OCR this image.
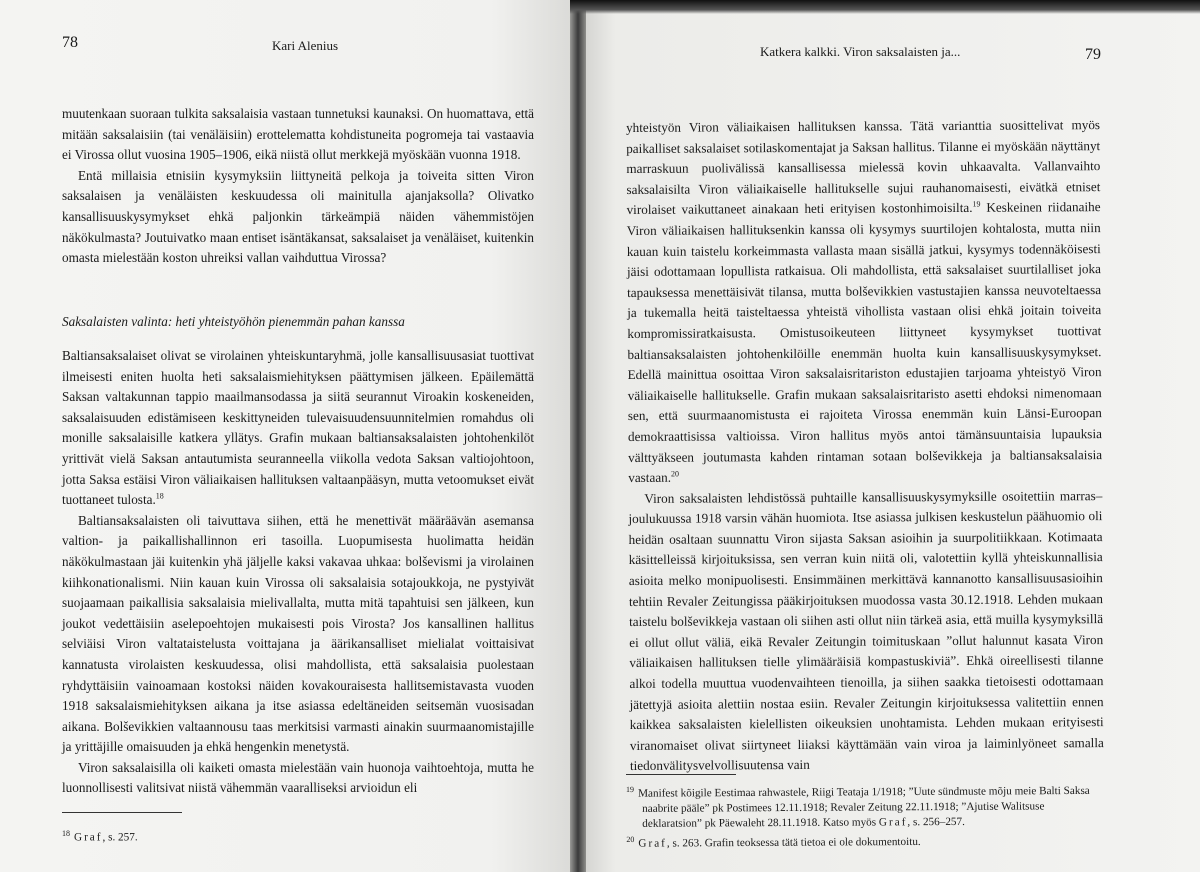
78	Kari Alenius

muutenkaan suoraan tulkita saksalaisia vastaan tunnetuksi kaunaksi. On huomattava, että mitään saksalaisiin (tai venäläisiin) erottelematta kohdistuneita pogromeja tai vastaavia ei Virossa ollut vuosina 1905–1906, eikä niistä ollut merkkejä myöskään vuonna 1918.

Entä millaisia etnisiin kysymyksiin liittyneitä pelkoja ja toiveita sitten Viron saksalaisen ja venäläisten keskuudessa oli mainitulla ajanjaksolla? Olivatko kansallisuuskysymykset ehkä paljonkin tärkeämpiä näiden vähemmistöjen näkökulmasta? Joutuivatko maan entiset isäntäkansat, saksalaiset ja venäläiset, kuitenkin omasta mielestään koston uhreiksi vallan vaihduttua Virossa?

Saksalaisten valinta: heti yhteistyöhön pienemmän pahan kanssa

Baltiansaksalaiset olivat se virolainen yhteiskuntaryhmä, jolle kansallisuusasiat tuottivat ilmeisesti eniten huolta heti saksalaismiehityksen päättymisen jälkeen. Epäilemättä Saksan valtakunnan tappio maailmansodassa ja siitä seurannut Viroakin koskeneiden, saksalaisuuden edistämiseen keskittyneiden tulevaisuudensuunnitelmien romahdus oli monille saksalaisille katkera yllätys. Grafin mukaan baltiansaksalaisten johtohenkilöt yrittivät vielä Saksan antautumista seuranneella viikolla vedota Saksan valtiojohtoon, jotta Saksa estäisi Viron väliaikaisen hallituksen valtaanpääsyn, mutta vetoomukset eivät tuottaneet tulosta.$^{18}$

Baltiansaksalaisten oli taivuttava siihen, että he menettivät määräävän asemansa valtion- ja paikallishallinnon eri tasoilla. Luopumisesta huolimatta heidän näkökulmastaan jäi kuitenkin yhä jäljelle kaksi vakavaa uhkaa: bolševismi ja virolainen kiihkonationalismi. Niin kauan kuin Virossa oli saksalaisia sotajoukkoja, ne pystyivät suojaamaan paikallisia saksalaisia mielivallalta, mutta mitä tapahtuisi sen jälkeen, kun joukot vedettäisiin aselepoehtojen mukaisesti pois Virosta? Jos kansallinen hallitus selviäisi Viron valtataistelusta voittajana ja äärikansalliset mielialat voittaisivat kannatusta virolaisten keskuudessa, olisi mahdollista, että saksalaisia puolestaan ryhdyttäisiin vainoamaan kostoksi näiden kovakouraisesta hallitsemistavasta vuoden 1918 saksalaismiehityksen aikana ja itse asiassa edeltäneiden seitsemän vuosisadan aikana. Bolševikkien valtaannousu taas merkitsisi varmasti ainakin suurmaanomistajille ja yrittäjille omaisuuden ja ehkä hengenkin menetystä.

Viron saksalaisilla oli kaiketi omasta mielestään vain huonoja vaihtoehtoja, mutta he luonnollisesti valitsivat niistä vähemmän vaaralliseksi arvioidun eli

$^{18}$ Graf, s. 257.
Katkera kalkki. Viron saksalaisten ja...	79

yhteistyön Viron väliaikaisen hallituksen kanssa. Tätä varianttia suosittelivat myös paikalliset saksalaiset sotilaskomentajat ja Saksan hallitus. Tilanne ei myöskään näyttänyt marraskuun puolivälissä kansallisessa mielessä kovin uhkaavalta. Vallanvaihto saksalaisilta Viron väliaikaiselle hallitukselle sujui rauhanomaisesti, eivätkä etniset virolaiset vaikuttaneet ainakaan heti erityisen kostonhimoisilta.$^{19}$ Keskeinen riidanaihe Viron väliaikaisen hallituksenkin kanssa oli kysymys suurtilojen kohtalosta, mutta niin kauan kuin taistelu korkeimmasta vallasta maan sisällä jatkui, kysymys todennäköisesti jäisi odottamaan lopullista ratkaisua. Oli mahdollista, että saksalaiset suurtilalliset joka tapauksessa menettäisivät tilansa, mutta bolševikkien vastustajien kanssa neuvoteltaessa ja tukemalla heitä taisteltaessa yhteistä vihollista vastaan olisi ehkä joitain toiveita kompromissiratkaisusta. Omistusoikeuteen liittyneet kysymykset tuottivat baltiansaksalaisten johtohenkilöille enemmän huolta kuin kansallisuuskysymykset. Edellä mainittua osoittaa Viron saksalaisritariston edustajien tarjoama yhteistyö Viron väliaikaiselle hallitukselle. Grafin mukaan saksalaisritaristo asetti ehdoksi nimenomaan sen, että suurmaanomistusta ei rajoiteta Virossa enemmän kuin Länsi-Euroopan demokraattisissa valtioissa. Viron hallitus myös antoi tämänsuuntaisia lupauksia välttyäkseen joutumasta kahden rintaman sotaan bolševikkeja ja baltiansaksalaisia vastaan.$^{20}$

Viron saksalaisten lehdistössä puhtaille kansallisuuskysymyksille osoitettiin marras–joulukuussa 1918 varsin vähän huomiota. Itse asiassa julkisen keskustelun päähuomio oli heidän osaltaan suunnattu Viron sijasta Saksan asioihin ja suurpolitiikkaan. Kotimaata käsittelleissä kirjoituksissa, sen verran kuin niitä oli, valotettiin kyllä yhteiskunnallisia asioita melko monipuolisesti. Ensimmäinen merkittävä kannanotto kansallisuusasioihin tehtiin Revaler Zeitungissa pääkirjoituksen muodossa vasta 30.12.1918. Lehden mukaan taistelu bolševikkeja vastaan oli siihen asti ollut niin tärkeä asia, että muilla kysymyksillä ei ollut ollut väliä, eikä Revaler Zeitungin toimituskaan ”ollut halunnut kasata Viron väliaikaisen hallituksen tielle ylimääräisiä kompastuskiviä”. Ehkä oireellisesti tilanne alkoi todella muuttua vuodenvaihteen tienoilla, ja siihen saakka tietoisesti odottamaan jätettyjä asioita alettiin nostaa esiin. Revaler Zeitungin kirjoituksessa valitettiin ennen kaikkea saksalaisten kielellisten oikeuksien unohtamista. Lehden mukaan erityisesti viranomaiset olivat siirtyneet liiaksi käyttämään vain viroa ja laiminlyöneet samalla tiedonvälitysvelvollisuutensa vain

$^{19}$ Manifest kõigile Eestimaa rahwastele, Riigi Teataja 1/1918; ”Uute sündmuste mõju meie Balti Saksa naabrite pääle” pk Postimees 12.11.1918; Revaler Zeitung 22.11.1918; ”Ajutise Walitsuse deklaratsion” pk Päewaleht 28.11.1918. Katso myös Graf, s. 256–257.
$^{20}$ Graf, s. 263. Grafin teoksessa tätä tietoa ei ole dokumentoitu.
